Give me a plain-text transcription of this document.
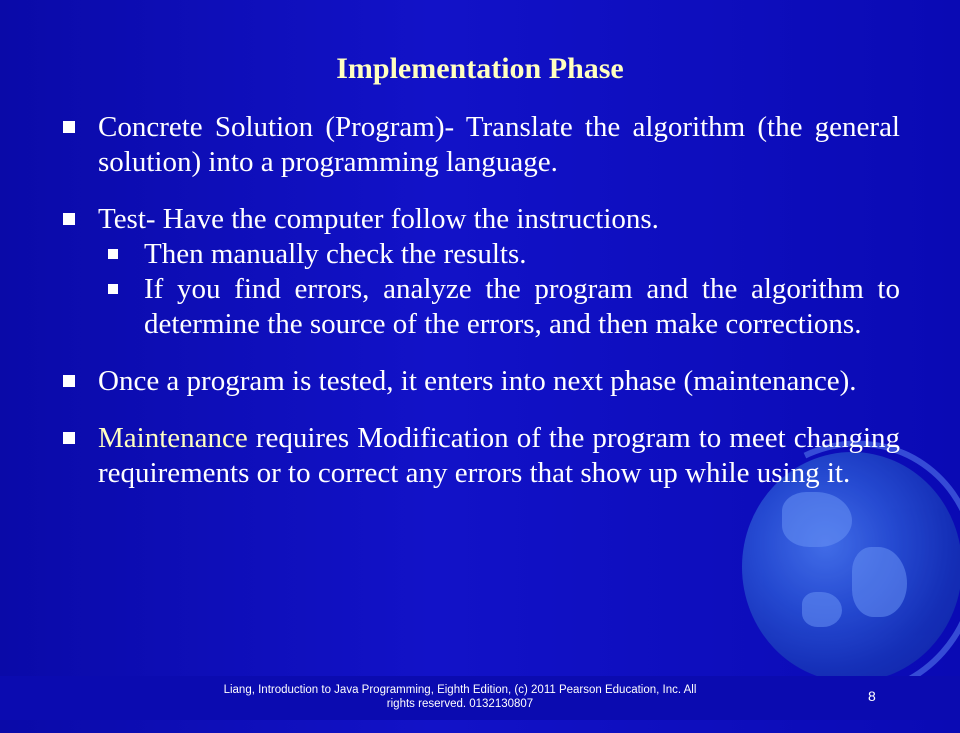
Implementation Phase
Concrete Solution (Program)- Translate the algorithm (the general solution) into a programming language.
Test- Have the computer follow the instructions.
Then manually check the results.
If you find errors, analyze the program and the algorithm to determine the source of the errors, and then make corrections.
Once a program is tested, it enters into next phase (maintenance).
Maintenance requires Modification of the program to meet changing requirements or to correct any errors that show up while using it.
Liang, Introduction to Java Programming, Eighth Edition, (c) 2011 Pearson Education, Inc. All
rights reserved. 0132130807	8
